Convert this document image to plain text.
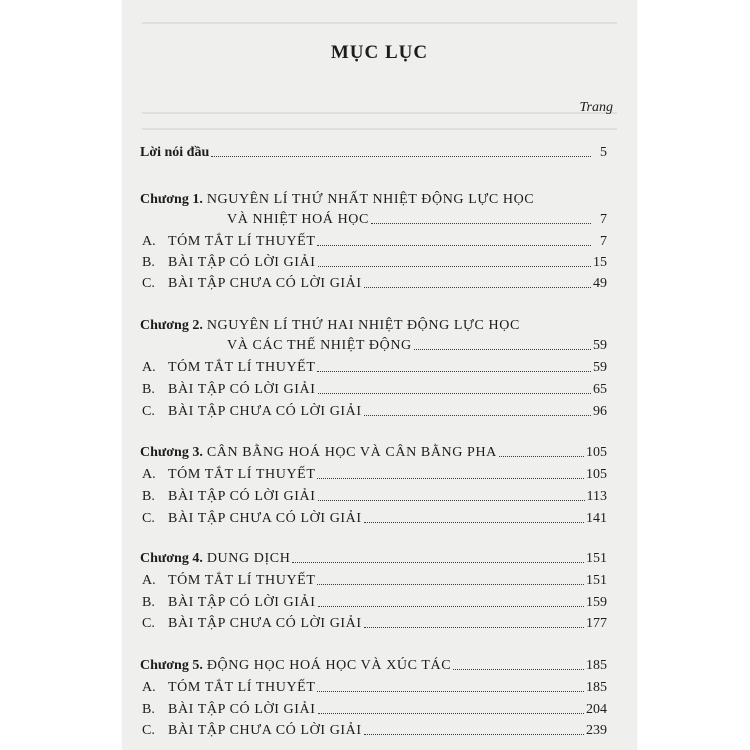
MỤC LỤC
Trang
Lời nói đầu	5
Chương 1. NGUYÊN LÍ THỨ NHẤT NHIỆT ĐỘNG LỰC HỌC
VÀ NHIỆT HOÁ HỌC	7
A. TÓM TẮT LÍ THUYẾT	7
B. BÀI TẬP CÓ LỜI GIẢI	15
C. BÀI TẬP CHƯA CÓ LỜI GIẢI	49
Chương 2. NGUYÊN LÍ THỨ HAI NHIỆT ĐỘNG LỰC HỌC
VÀ CÁC THẾ NHIỆT ĐỘNG	59
A. TÓM TẮT LÍ THUYẾT	59
B. BÀI TẬP CÓ LỜI GIẢI	65
C. BÀI TẬP CHƯA CÓ LỜI GIẢI	96
Chương 3. CÂN BẰNG HOÁ HỌC VÀ CÂN BẰNG PHA	105
A. TÓM TẮT LÍ THUYẾT	105
B. BÀI TẬP CÓ LỜI GIẢI	113
C. BÀI TẬP CHƯA CÓ LỜI GIẢI	141
Chương 4. DUNG DỊCH	151
A. TÓM TẮT LÍ THUYẾT	151
B. BÀI TẬP CÓ LỜI GIẢI	159
C. BÀI TẬP CHƯA CÓ LỜI GIẢI	177
Chương 5. ĐỘNG HỌC HOÁ HỌC VÀ XÚC TÁC	185
A. TÓM TẮT LÍ THUYẾT	185
B. BÀI TẬP CÓ LỜI GIẢI	204
C. BÀI TẬP CHƯA CÓ LỜI GIẢI	239
